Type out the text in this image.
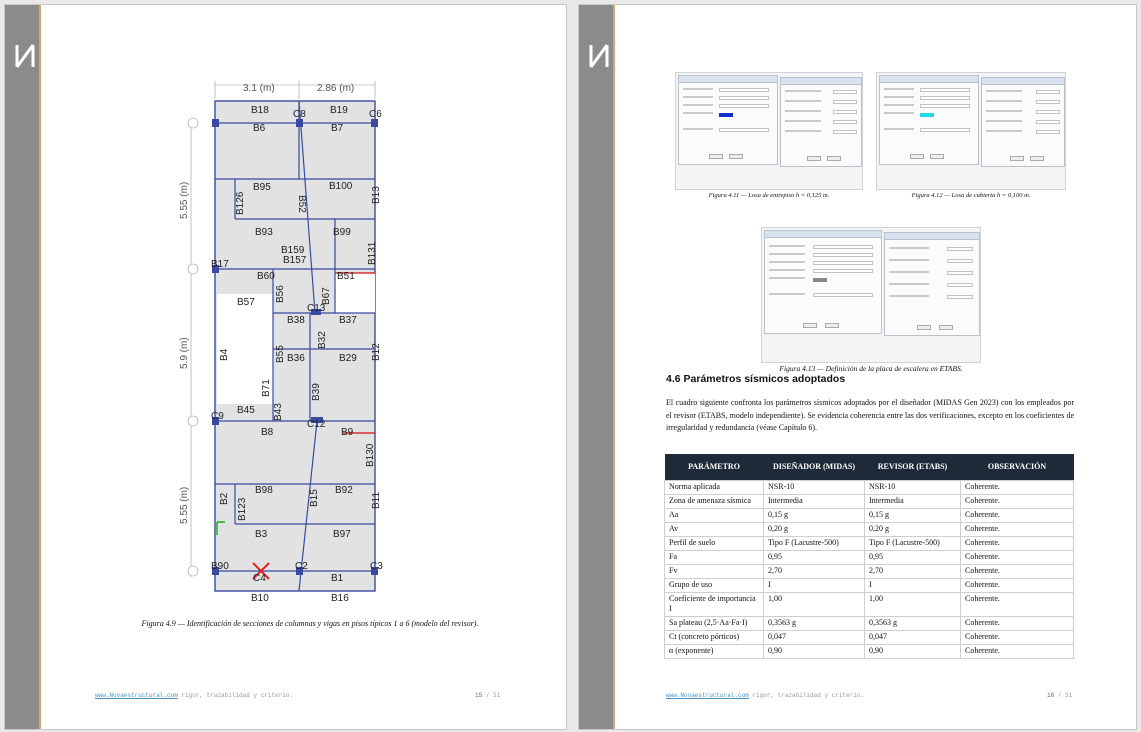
3.1 (m)	2.86 (m)
5.55 (m)
5.9 (m)
5.55 (m)
B18	B19
B6	B7
B95	B100
B93	B99
B159
B60	B51
B57
C13
B38	B37
B36	B29
B45
B8
C12
B9
B98	B92
B3	B97
B90	C2	C3
C4	B1
B10	B16
B17
C9
C8	C6
B52	B13
B126
B157	B131
B56	B67
B32
B4	B55	B12
B71	B39
B43
B130
B15	B11
B123
B2
Figura 4.9 — Identificación de secciones de columnas y vigas en pisos típicos 1 a 6 (modelo del revisor).
www.Novaestructural.com rigor, trazabilidad y criterio.	15 / 51
Figura 4.11 — Losa de entrepiso h = 0,125 m.	Figura 4.12 — Losa de cubierta h = 0,100 m.
Figura 4.13 — Definición de la placa de escalera en ETABS.
4.6 Parámetros sísmicos adoptados
El cuadro siguiente confronta los parámetros sísmicos adoptados por el diseñador (MIDAS Gen 2023) con los empleados por el revisor (ETABS, modelo independiente). Se evidencia coherencia entre las dos verificaciones, excepto en los coeficientes de irregularidad y redundancia (véase Capítulo 6).
PARÁMETRO	DISEÑADOR (MIDAS)	REVISOR (ETABS)	OBSERVACIÓN
Norma aplicada	NSR-10	NSR-10	Coherente.
Zona de amenaza sísmica	Intermedia	Intermedia	Coherente.
Aa	0,15 g	0,15 g	Coherente.
Av	0,20 g	0,20 g	Coherente.
Perfil de suelo	Tipo F (Lacustre-500)	Tipo F (Lacustre-500)	Coherente.
Fa	0,95	0,95	Coherente.
Fv	2,70	2,70	Coherente.
Grupo de uso	I	I	Coherente.
Coeficiente de importancia I	1,00	1,00	Coherente.
Sa plateau (2,5·Aa·Fa·I)	0,3563 g	0,3563 g	Coherente.
Ct (concreto pórticos)	0,047	0,047	Coherente.
α (exponente)	0,90	0,90	Coherente.
www.Novaestructural.com rigor, trazabilidad y criterio.	16 / 51
